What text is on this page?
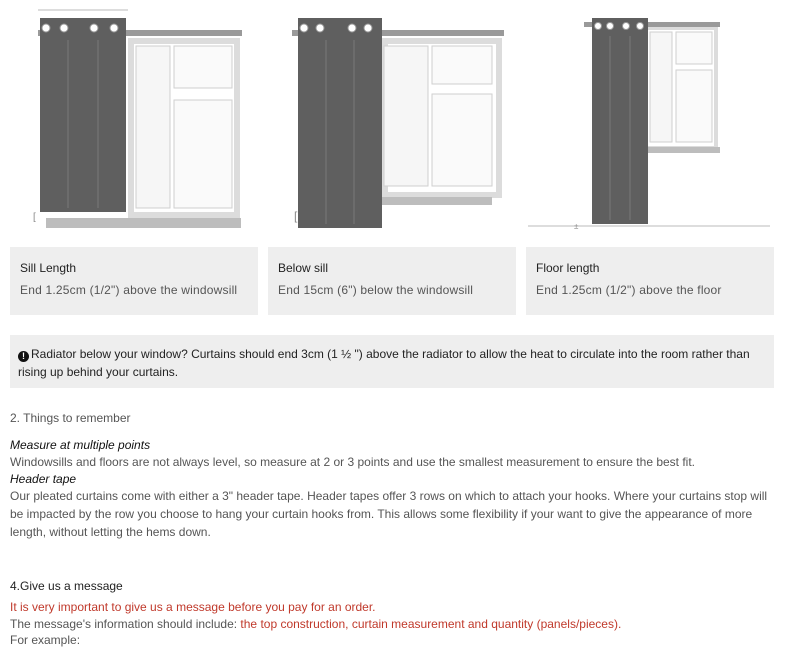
[	[
±
Sill Length
End 1.25cm (1/2") above the windowsill
Below sill
End 15cm (6") below the windowsill
Floor length
End 1.25cm (1/2") above the floor
! Radiator below your window? Curtains should end 3cm (1 ½ ") above the radiator to allow the heat to circulate into the room rather than rising up behind your curtains.
2. Things to remember
Measure at multiple points
Windowsills and floors are not always level, so measure at 2 or 3 points and use the smallest measurement to ensure the best fit.
Header tape
Our pleated curtains come with either a 3" header tape. Header tapes offer 3 rows on which to attach your hooks. Where your curtains stop will be impacted by the row you choose to hang your curtain hooks from. This allows some flexibility if your want to give the appearance of more length, without letting the hems down.
4.Give us a message
It is very important to give us a message before you pay for an order.
The message's information should include: the top construction, curtain measurement and quantity (panels/pieces).
For example:
